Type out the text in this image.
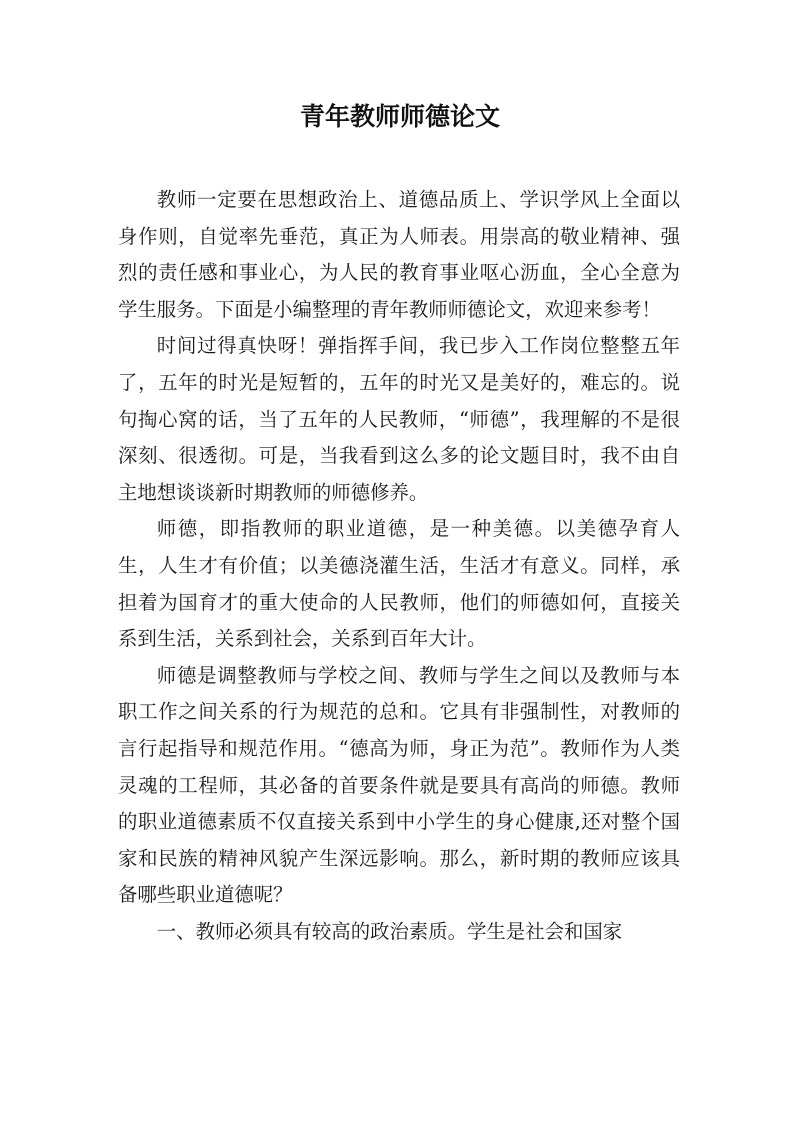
青年教师师德论文

教师一定要在思想政治上、道德品质上、学识学风上全面以身作则，自觉率先垂范，真正为人师表。用崇高的敬业精神、强烈的责任感和事业心，为人民的教育事业呕心沥血，全心全意为学生服务。下面是小编整理的青年教师师德论文，欢迎来参考！

时间过得真快呀！弹指挥手间，我已步入工作岗位整整五年了，五年的时光是短暂的，五年的时光又是美好的，难忘的。说句掏心窝的话，当了五年的人民教师，“师德”，我理解的不是很深刻、很透彻。可是，当我看到这么多的论文题目时，我不由自主地想谈谈新时期教师的师德修养。

师德，即指教师的职业道德，是一种美德。以美德孕育人生，人生才有价值；以美德浇灌生活，生活才有意义。同样，承担着为国育才的重大使命的人民教师，他们的师德如何，直接关系到生活，关系到社会，关系到百年大计。

师德是调整教师与学校之间、教师与学生之间以及教师与本职工作之间关系的行为规范的总和。它具有非强制性，对教师的言行起指导和规范作用。“德高为师，身正为范”。教师作为人类灵魂的工程师，其必备的首要条件就是要具有高尚的师德。教师的职业道德素质不仅直接关系到中小学生的身心健康,还对整个国家和民族的精神风貌产生深远影响。那么，新时期的教师应该具备哪些职业道德呢？

一、教师必须具有较高的政治素质。学生是社会和国家
